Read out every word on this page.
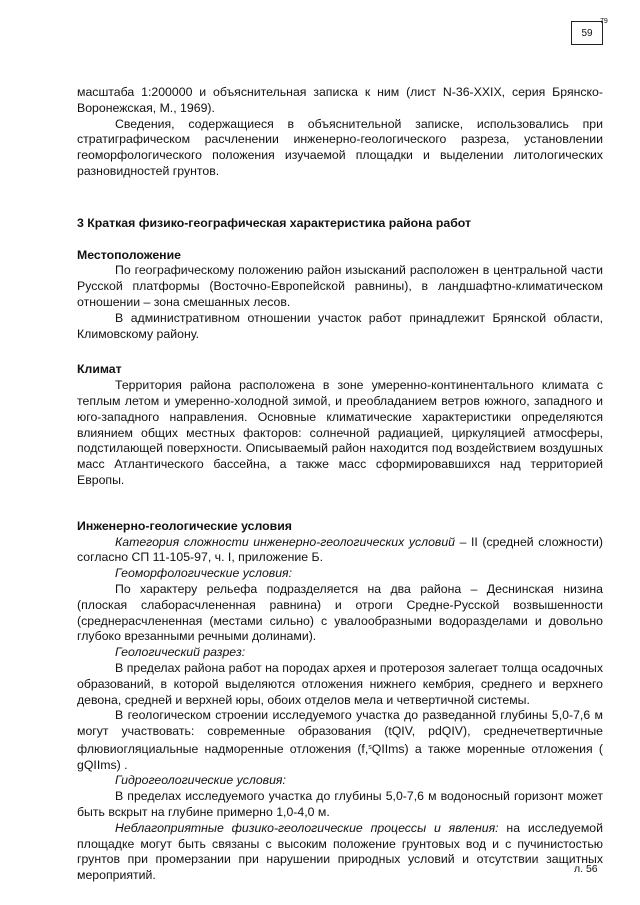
59
79

масштаба 1:200000 и объяснительная записка к ним (лист N-36-XXIX, серия Брянско-Воронежская, М., 1969).

Сведения, содержащиеся в объяснительной записке, использовались при стратиграфическом расчленении инженерно-геологического разреза, установлении геоморфологического положения изучаемой площадки и выделении литологических разновидностей грунтов.

3 Краткая физико-географическая характеристика района работ

Местоположение

По географическому положению район изысканий расположен в центральной части Русской платформы (Восточно-Европейской равнины), в ландшафтно-климатическом отношении – зона смешанных лесов.

В административном отношении участок работ принадлежит Брянской области, Климовскому району.

Климат

Территория района расположена в зоне умеренно-континентального климата с теплым летом и умеренно-холодной зимой, и преобладанием ветров южного, западного и юго-западного направления. Основные климатические характеристики определяются влиянием общих местных факторов: солнечной радиацией, циркуляцией атмосферы, подстилающей поверхности. Описываемый район находится под воздействием воздушных масс Атлантического бассейна, а также масс сформировавшихся над территорией Европы.

Инженерно-геологические условия

Категория сложности инженерно-геологических условий – II (средней сложности) согласно СП 11-105-97, ч. I, приложение Б.

Геоморфологические условия:

По характеру рельефа подразделяется на два района – Деснинская низина (плоская слаборасчлененная равнина) и отроги Средне-Русской возвышенности (среднерасчлененная (местами сильно) с увалообразными водоразделами и довольно глубоко врезанными речными долинами).

Геологический разрез:

В пределах района работ на породах архея и протерозоя залегает толща осадочных образований, в которой выделяются отложения нижнего кембрия, среднего и верхнего девона, средней и верхней юры, обоих отделов мела и четвертичной системы.

В геологическом строении исследуемого участка до разведанной глубины 5,0-7,6 м могут участвовать: современные образования (tQIV, pdQIV), среднечетвертичные флювиогляциальные надморенные отложения (f,$^s$QIIms) а также моренные отложения ( gQIIms) .

Гидрогеологические условия:

В пределах исследуемого участка до глубины 5,0-7,6 м водоносный горизонт может быть вскрыт на глубине примерно 1,0-4,0 м.

Неблагоприятные физико-геологические процессы и явления: на исследуемой площадке могут быть связаны с высоким положение грунтовых вод и с пучинистостью грунтов при промерзании при нарушении природных условий и отсутствии защитных мероприятий.	л. 56
